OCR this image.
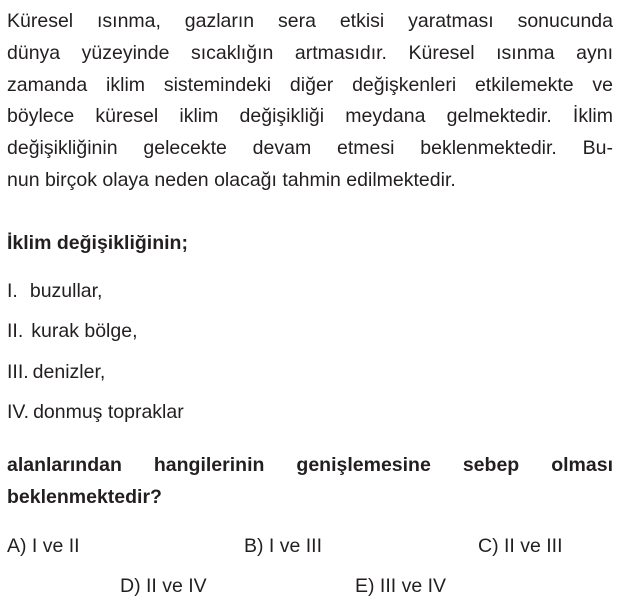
Küresel ısınma, gazların sera etkisi yaratması sonucunda
dünya yüzeyinde sıcaklığın artmasıdır. Küresel ısınma aynı
zamanda iklim sistemindeki diğer değişkenleri etkilemekte ve
böylece küresel iklim değişikliği meydana gelmektedir. İklim
değişikliğinin gelecekte devam etmesi beklenmektedir. Bu-
nun birçok olaya neden olacağı tahmin edilmektedir.
İklim değişikliğinin;
I. buzullar,
II. kurak bölge,
III. denizler,
IV. donmuş topraklar
alanlarından hangilerinin genişlemesine sebep olması
beklenmektedir?
A) I ve II	B) I ve III	C) II ve III
D) II ve IV	E) III ve IV
